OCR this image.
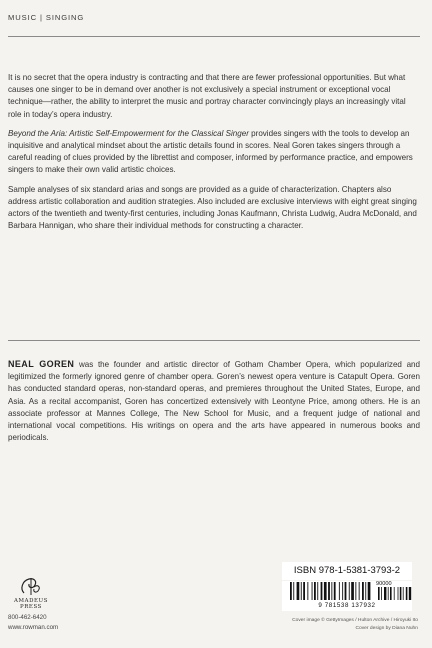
MUSIC | SINGING

It is no secret that the opera industry is contracting and that there are fewer professional opportunities. But what causes one singer to be in demand over another is not exclusively a special instrument or exceptional vocal technique—rather, the ability to interpret the music and portray character convincingly plays an increasingly vital role in today’s opera industry.

Beyond the Aria: Artistic Self-Empowerment for the Classical Singer provides singers with the tools to develop an inquisitive and analytical mindset about the artistic details found in scores. Neal Goren takes singers through a careful reading of clues provided by the librettist and composer, informed by performance practice, and empowers singers to make their own valid artistic choices.

Sample analyses of six standard arias and songs are provided as a guide of characterization. Chapters also address artistic collaboration and audition strategies. Also included are exclusive interviews with eight great singing actors of the twentieth and twenty-first centuries, including Jonas Kaufmann, Christa Ludwig, Audra McDonald, and Barbara Hannigan, who share their individual methods for constructing a character.

NEAL GOREN was the founder and artistic director of Gotham Chamber Opera, which popularized and legitimized the formerly ignored genre of chamber opera. Goren’s newest opera venture is Catapult Opera. Goren has conducted standard operas, non-standard operas, and premieres throughout the United States, Europe, and Asia. As a recital accompanist, Goren has concertized extensively with Leontyne Price, among others. He is an associate professor at Mannes College, The New School for Music, and a frequent judge of national and international vocal competitions. His writings on opera and the arts have appeared in numerous books and periodicals.
AMADEUS
PRESS
800-462-6420
www.rowman.com
ISBN 978-1-5381-3793-2
90000
9 781538 137932
Cover image © GettyImages / Hulton Archive / Hiroyuki Ito
Cover design by Diana Nuhn
